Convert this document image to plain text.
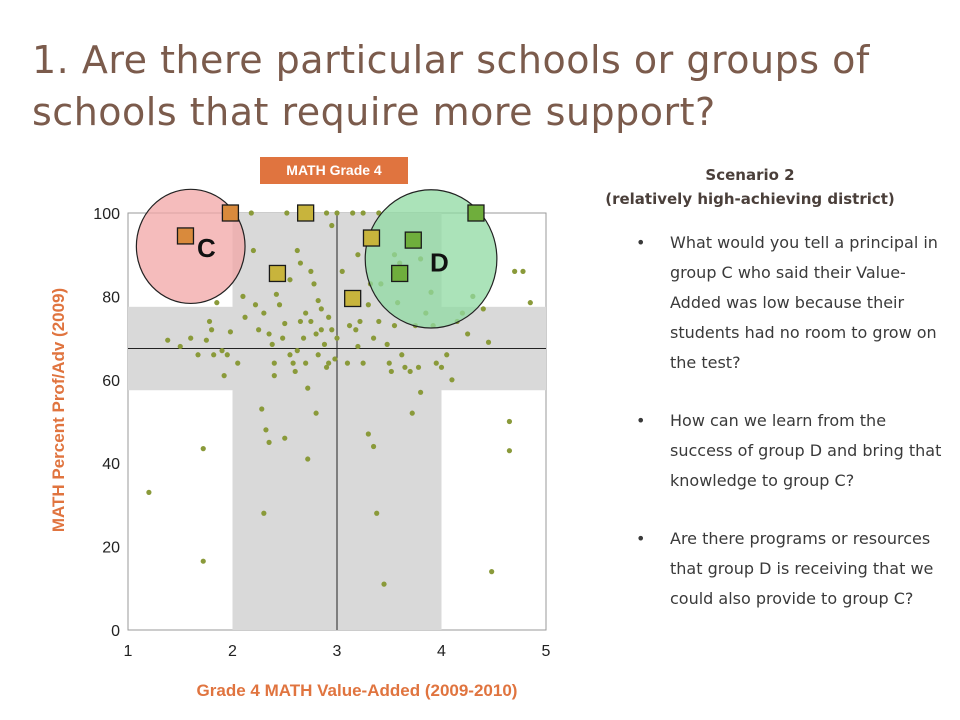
1. Are there particular schools or groups of schools that require more support?
0
20
40
60
80
100
1	2	3	4	5
Grade 4 MATH Value-Added (2009-2010)
MATH Percent Prof/Adv (2009)
C	D
MATH Grade 4	Scenario 2
(relatively high-achieving district)
• What would you tell a principal in group C who said their Value-Added was low because their students had no room to grow on the test?
• How can we learn from the success of group D and bring that knowledge to group C?
• Are there programs or resources that group D is receiving that we could also provide to group C?
